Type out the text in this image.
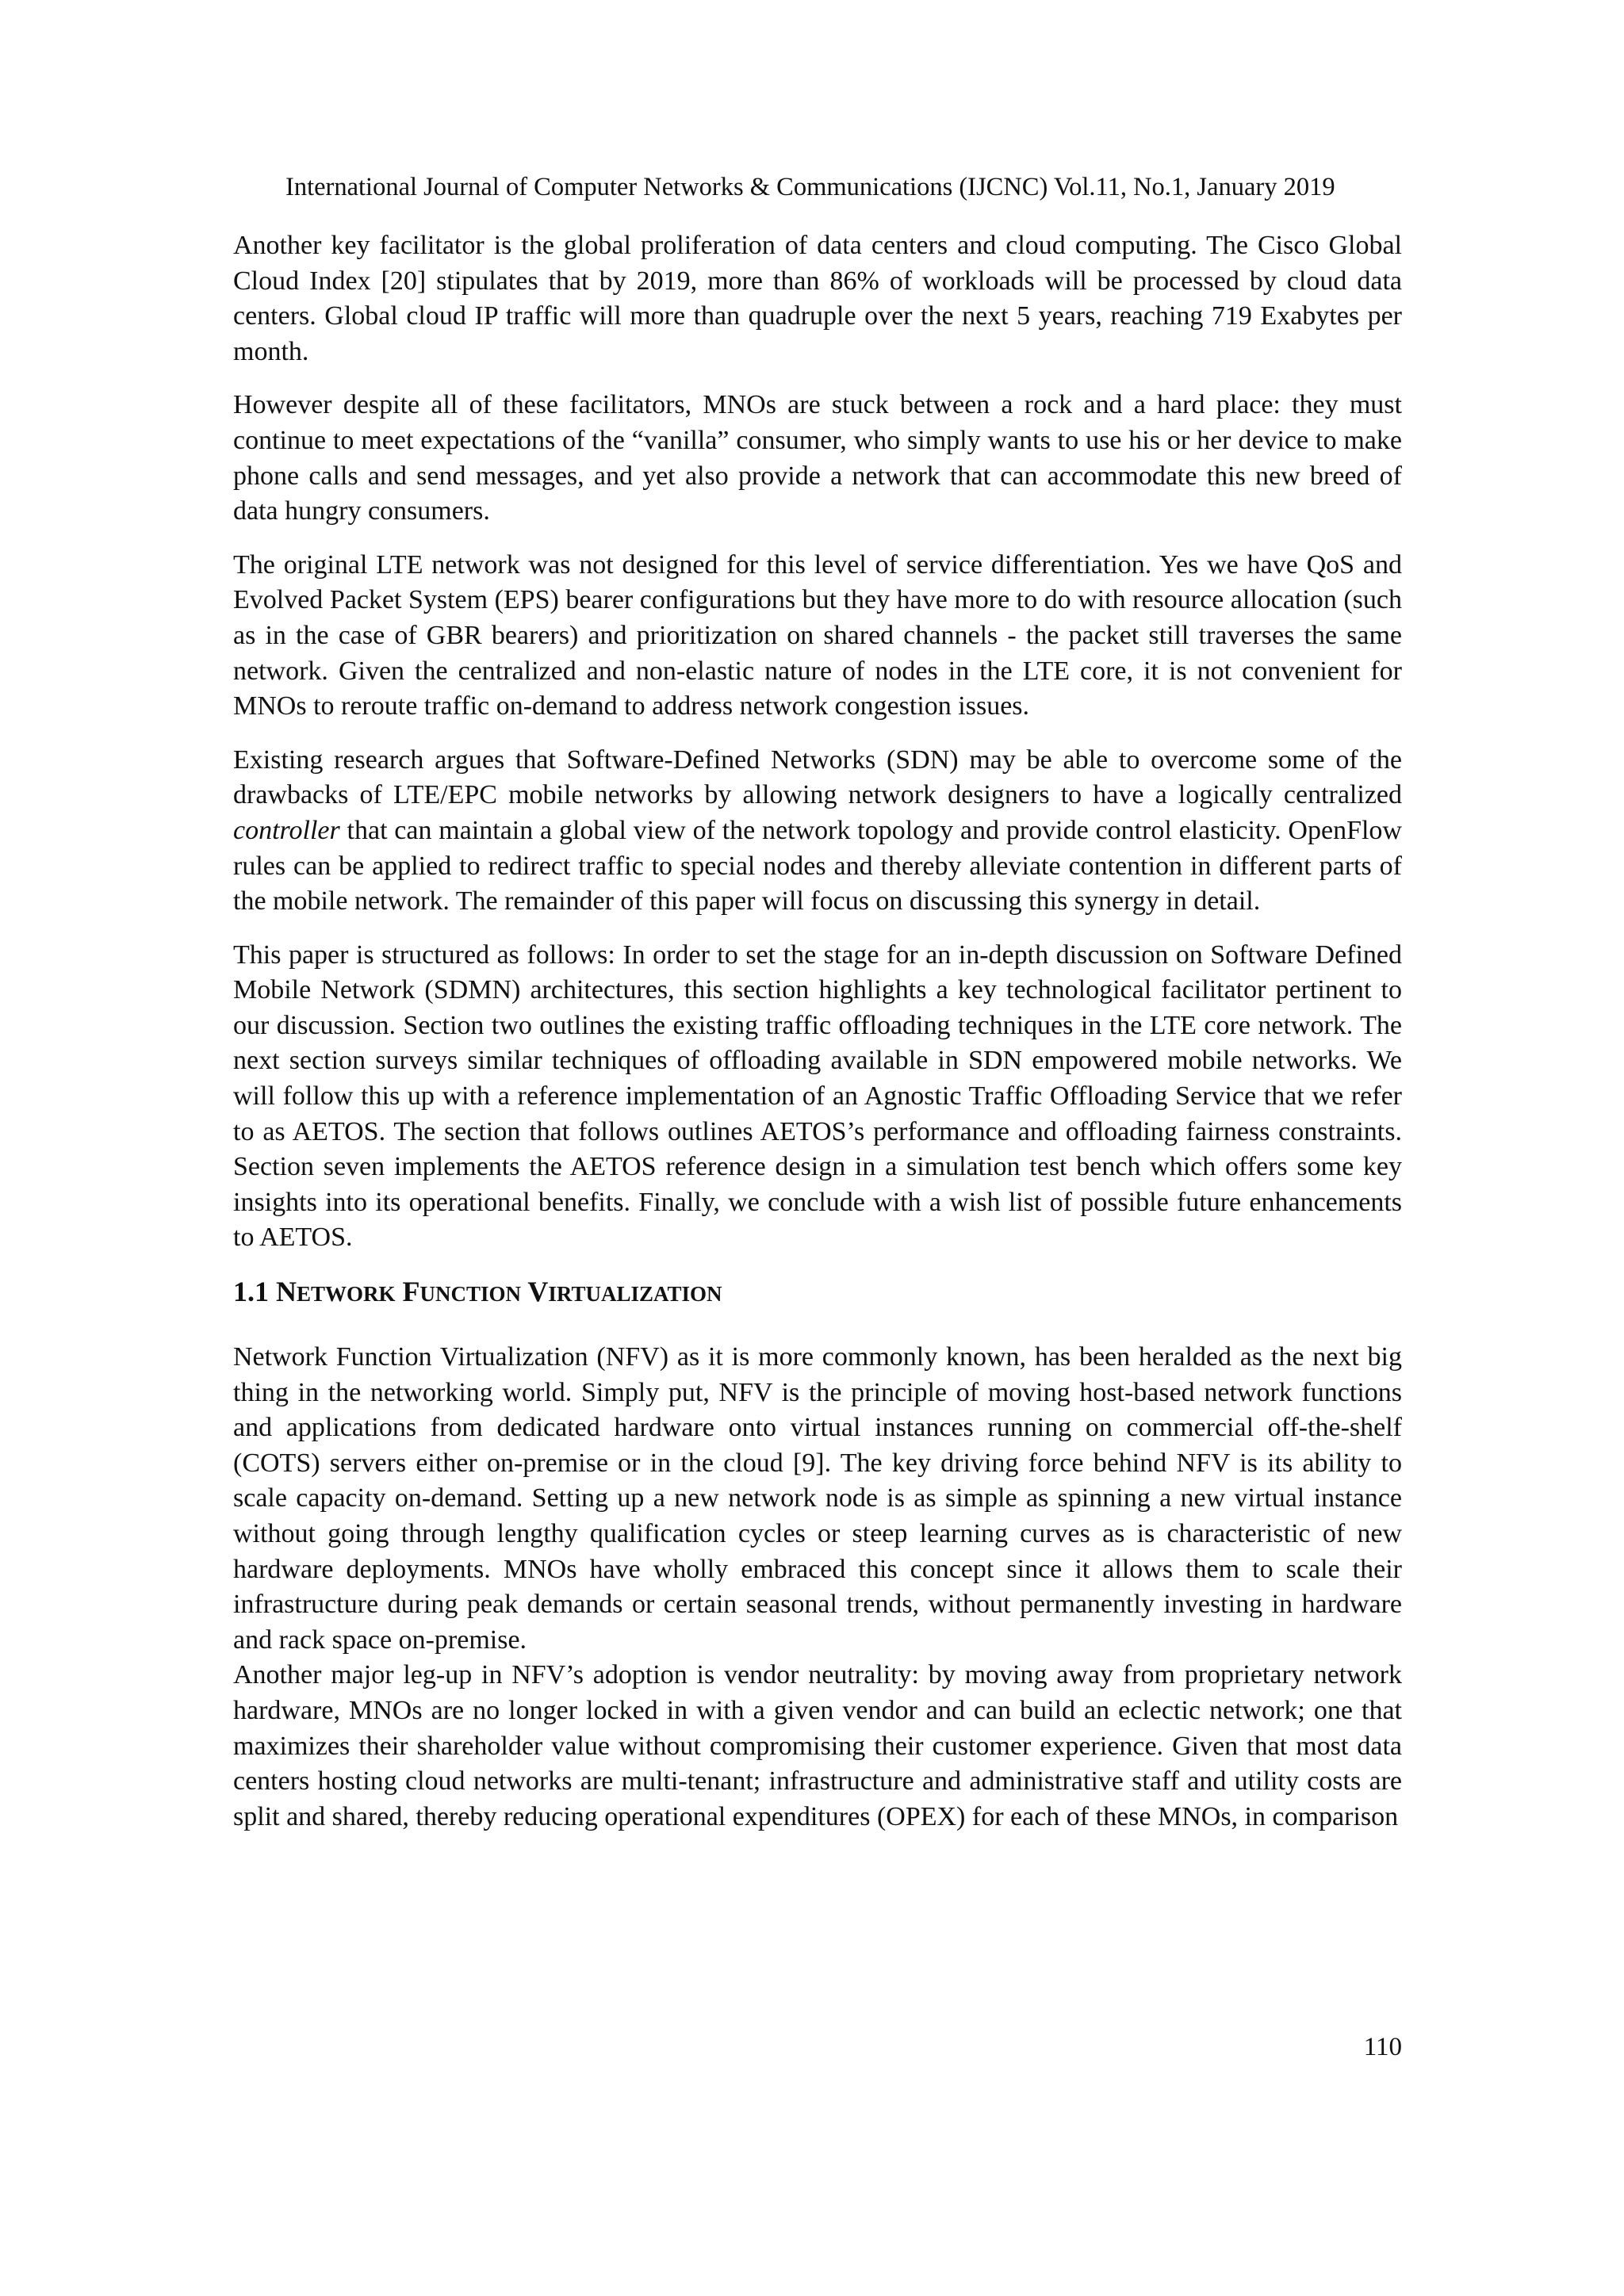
International Journal of Computer Networks & Communications (IJCNC) Vol.11, No.1, January 2019

Another key facilitator is the global proliferation of data centers and cloud computing. The Cisco Global Cloud Index [20] stipulates that by 2019, more than 86% of workloads will be processed by cloud data centers. Global cloud IP traffic will more than quadruple over the next 5 years, reaching 719 Exabytes per month.

However despite all of these facilitators, MNOs are stuck between a rock and a hard place: they must continue to meet expectations of the “vanilla” consumer, who simply wants to use his or her device to make phone calls and send messages, and yet also provide a network that can accommodate this new breed of data hungry consumers.

The original LTE network was not designed for this level of service differentiation. Yes we have QoS and Evolved Packet System (EPS) bearer configurations but they have more to do with resource allocation (such as in the case of GBR bearers) and prioritization on shared channels - the packet still traverses the same network. Given the centralized and non-elastic nature of nodes in the LTE core, it is not convenient for MNOs to reroute traffic on-demand to address network congestion issues.

Existing research argues that Software-Defined Networks (SDN) may be able to overcome some of the drawbacks of LTE/EPC mobile networks by allowing network designers to have a logically centralized controller that can maintain a global view of the network topology and provide control elasticity. OpenFlow rules can be applied to redirect traffic to special nodes and thereby alleviate contention in different parts of the mobile network. The remainder of this paper will focus on discussing this synergy in detail.

This paper is structured as follows: In order to set the stage for an in-depth discussion on Software Defined Mobile Network (SDMN) architectures, this section highlights a key technological facilitator pertinent to our discussion. Section two outlines the existing traffic offloading techniques in the LTE core network. The next section surveys similar techniques of offloading available in SDN empowered mobile networks. We will follow this up with a reference implementation of an Agnostic Traffic Offloading Service that we refer to as AETOS. The section that follows outlines AETOS’s performance and offloading fairness constraints. Section seven implements the AETOS reference design in a simulation test bench which offers some key insights into its operational benefits. Finally, we conclude with a wish list of possible future enhancements to AETOS.

1.1 NETWORK FUNCTION VIRTUALIZATION

Network Function Virtualization (NFV) as it is more commonly known, has been heralded as the next big thing in the networking world. Simply put, NFV is the principle of moving host-based network functions and applications from dedicated hardware onto virtual instances running on commercial off-the-shelf (COTS) servers either on-premise or in the cloud [9]. The key driving force behind NFV is its ability to scale capacity on-demand. Setting up a new network node is as simple as spinning a new virtual instance without going through lengthy qualification cycles or steep learning curves as is characteristic of new hardware deployments. MNOs have wholly embraced this concept since it allows them to scale their infrastructure during peak demands or certain seasonal trends, without permanently investing in hardware and rack space on-premise.

Another major leg-up in NFV’s adoption is vendor neutrality: by moving away from proprietary network hardware, MNOs are no longer locked in with a given vendor and can build an eclectic network; one that maximizes their shareholder value without compromising their customer experience. Given that most data centers hosting cloud networks are multi-tenant; infrastructure and administrative staff and utility costs are split and shared, thereby reducing operational expenditures (OPEX) for each of these MNOs, in comparison

110
